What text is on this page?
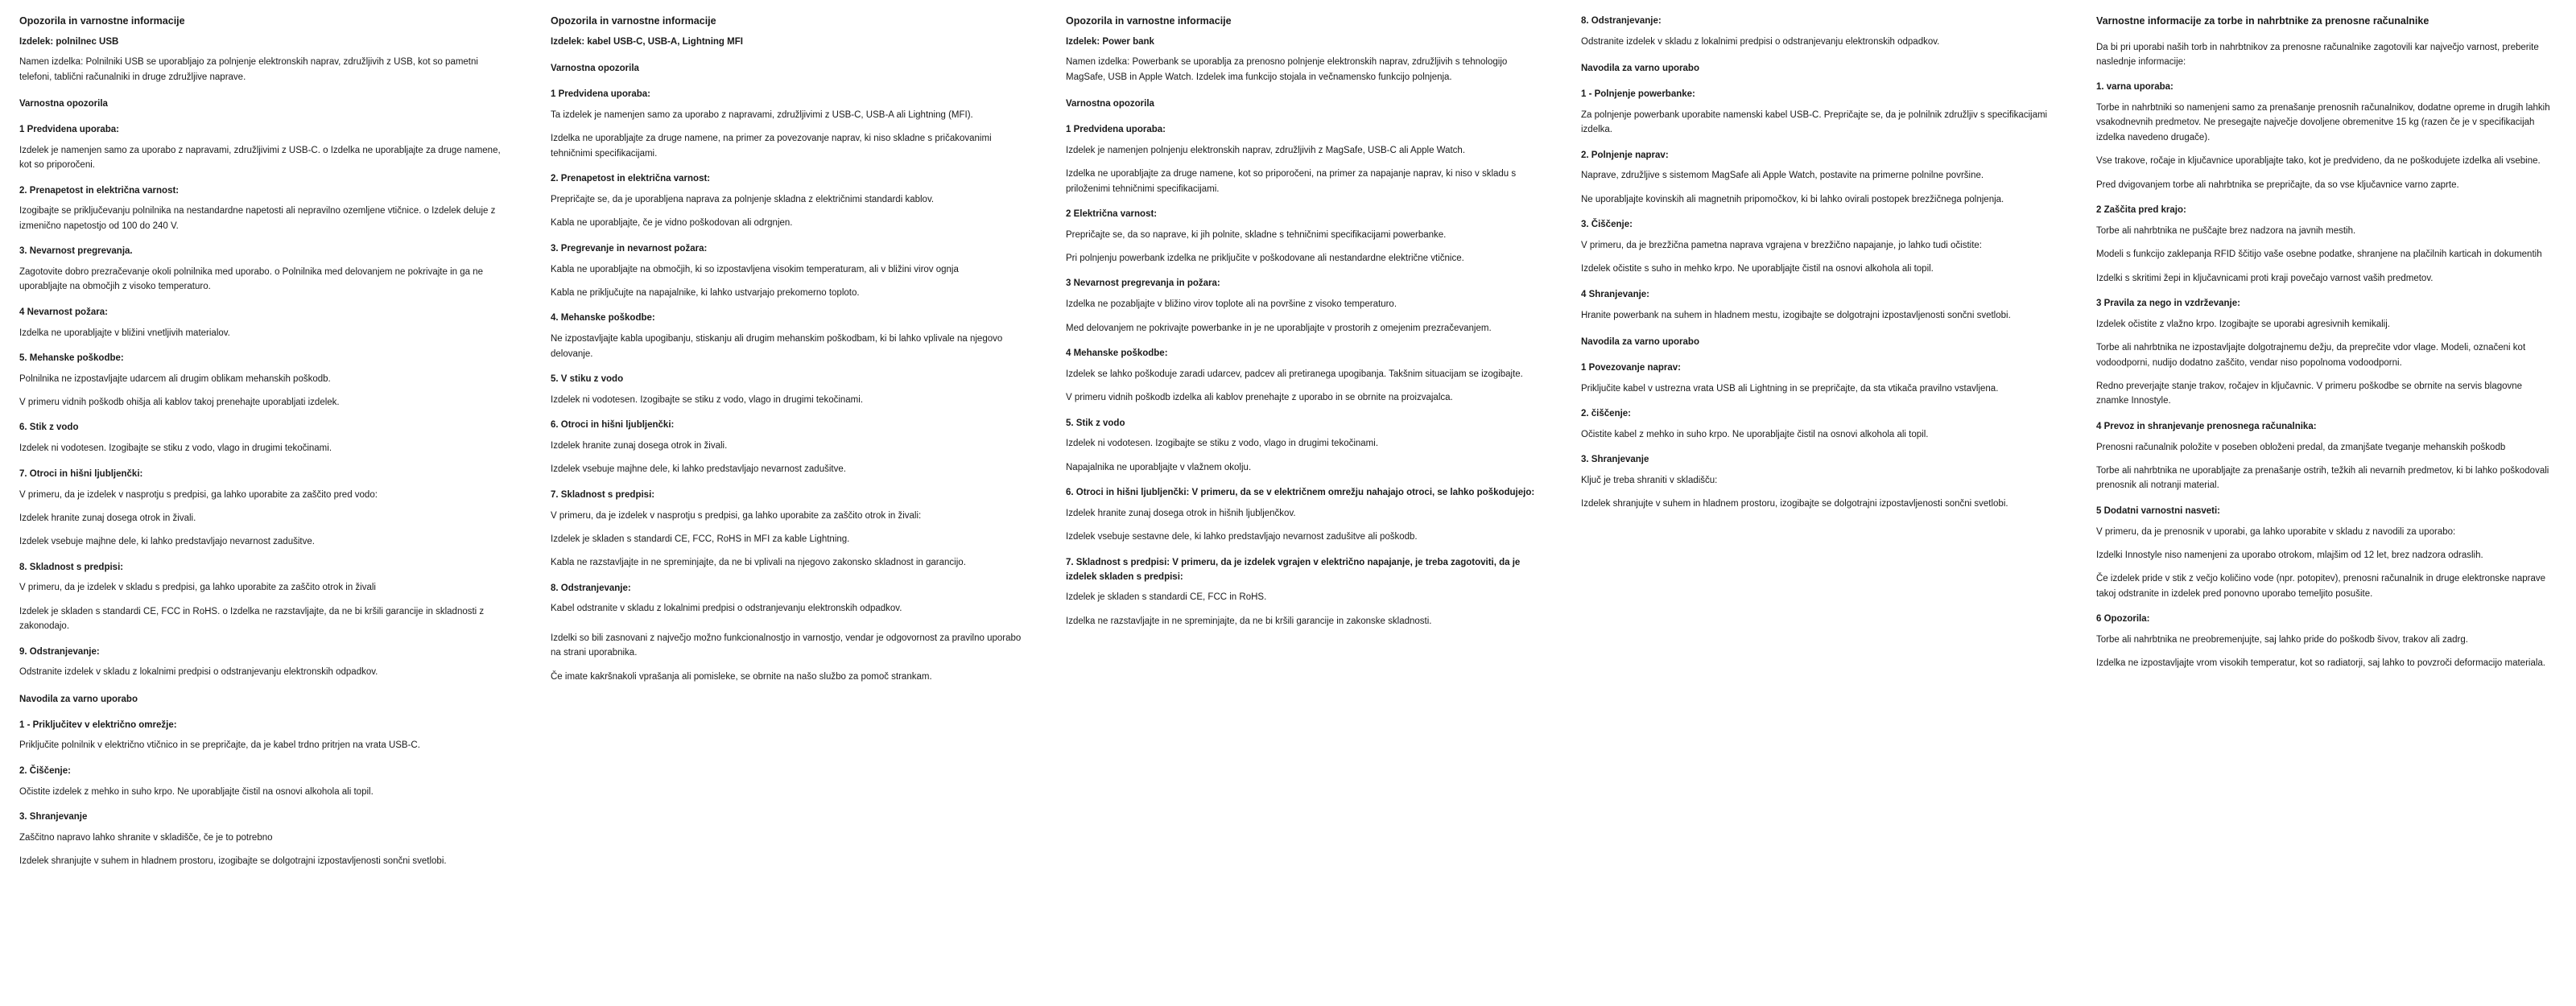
Opozorila in varnostne informacije
Izdelek: polnilnec USB
Namen izdelka: Polnilniki USB se uporabljajo za polnjenje elektronskih naprav, združljivih z USB, kot so pametni telefoni, tablični računalniki in druge združljive naprave.
Varnostna opozorila
1 Predvidena uporaba:
Izdelek je namenjen samo za uporabo z napravami, združljivimi z USB-C. o Izdelka ne uporabljajte za druge namene, kot so priporočeni.
2. Prenapetost in električna varnost:
Izogibajte se priključevanju polnilnika na nestandardne napetosti ali nepravilno ozemljene vtičnice. o Izdelek deluje z izmenično napetostjo od 100 do 240 V.
3. Nevarnost pregrevanja.
Zagotovite dobro prezračevanje okoli polnilnika med uporabo. o Polnilnika med delovanjem ne pokrivajte in ga ne uporabljajte na območjih z visoko temperaturo.
4 Nevarnost požara:
Izdelka ne uporabljajte v bližini vnetljivih materialov.
5. Mehanske poškodbe:
Polnilnika ne izpostavljajte udarcem ali drugim oblikam mehanskih poškodb.
V primeru vidnih poškodb ohišja ali kablov takoj prenehajte uporabljati izdelek.
6. Stik z vodo
Izdelek ni vodotesen. Izogibajte se stiku z vodo, vlago in drugimi tekočinami.
7. Otroci in hišni ljubljenčki:
V primeru, da je izdelek v nasprotju s predpisi, ga lahko uporabite za zaščito pred vodo:
Izdelek hranite zunaj dosega otrok in živali.
Izdelek vsebuje majhne dele, ki lahko predstavljajo nevarnost zadušitve.
8. Skladnost s predpisi:
V primeru, da je izdelek v skladu s predpisi, ga lahko uporabite za zaščito otrok in živali
Izdelek je skladen s standardi CE, FCC in RoHS. o Izdelka ne razstavljajte, da ne bi kršili garancije in skladnosti z zakonodajo.
9. Odstranjevanje:
Odstranite izdelek v skladu z lokalnimi predpisi o odstranjevanju elektronskih odpadkov.
Navodila za varno uporabo
1 - Priključitev v električno omrežje:
Priključite polnilnik v električno vtičnico in se prepričajte, da je kabel trdno pritrjen na vrata USB-C.
2. Čiščenje:
Očistite izdelek z mehko in suho krpo. Ne uporabljajte čistil na osnovi alkohola ali topil.
3. Shranjevanje
Zaščitno napravo lahko shranite v skladišče, če je to potrebno
Izdelek shranjujte v suhem in hladnem prostoru, izogibajte se dolgotrajni izpostavljenosti sončni svetlobi.
Opozorila in varnostne informacije
Izdelek: kabel USB-C, USB-A, Lightning MFI
Varnostna opozorila
1 Predvidena uporaba:
Ta izdelek je namenjen samo za uporabo z napravami, združljivimi z USB-C, USB-A ali Lightning (MFI).
Izdelka ne uporabljajte za druge namene, na primer za povezovanje naprav, ki niso skladne s pričakovanimi tehničnimi specifikacijami.
2. Prenapetost in električna varnost:
Prepričajte se, da je uporabljena naprava za polnjenje skladna z električnimi standardi kablov.
Kabla ne uporabljajte, če je vidno poškodovan ali odrgnjen.
3. Pregrevanje in nevarnost požara:
Kabla ne uporabljajte na območjih, ki so izpostavljena visokim temperaturam, ali v bližini virov ognja
Kabla ne priključujte na napajalnike, ki lahko ustvarjajo prekomerno toploto.
4. Mehanske poškodbe:
Ne izpostavljajte kabla upogibanju, stiskanju ali drugim mehanskim poškodbam, ki bi lahko vplivale na njegovo delovanje.
5. V stiku z vodo
Izdelek ni vodotesen. Izogibajte se stiku z vodo, vlago in drugimi tekočinami.
6. Otroci in hišni ljubljenčki:
Izdelek hranite zunaj dosega otrok in živali.
Izdelek vsebuje majhne dele, ki lahko predstavljajo nevarnost zadušitve.
7. Skladnost s predpisi:
V primeru, da je izdelek v nasprotju s predpisi, ga lahko uporabite za zaščito otrok in živali:
Izdelek je skladen s standardi CE, FCC, RoHS in MFI za kable Lightning.
Kabla ne razstavljajte in ne spreminjajte, da ne bi vplivali na njegovo zakonsko skladnost in garancijo.
8. Odstranjevanje:
Kabel odstranite v skladu z lokalnimi predpisi o odstranjevanju elektronskih odpadkov.
Izdelki so bili zasnovani z največjo možno funkcionalnostjo in varnostjo, vendar je odgovornost za pravilno uporabo na strani uporabnika.
Če imate kakršnakoli vprašanja ali pomisleke, se obrnite na našo službo za pomoč strankam.
Opozorila in varnostne informacije
Izdelek: Power bank
Namen izdelka: Powerbank se uporablja za prenosno polnjenje elektronskih naprav, združljivih s tehnologijo MagSafe, USB in Apple Watch. Izdelek ima funkcijo stojala in večnamensko funkcijo polnjenja.
Varnostna opozorila
1 Predvidena uporaba:
Izdelek je namenjen polnjenju elektronskih naprav, združljivih z MagSafe, USB-C ali Apple Watch.
Izdelka ne uporabljajte za druge namene, kot so priporočeni, na primer za napajanje naprav, ki niso v skladu s priloženimi tehničnimi specifikacijami.
2 Električna varnost:
Prepričajte se, da so naprave, ki jih polnite, skladne s tehničnimi specifikacijami powerbanke.
Pri polnjenju powerbank izdelka ne priključite v poškodovane ali nestandardne električne vtičnice.
3 Nevarnost pregrevanja in požara:
Izdelka ne pozabljajte v bližino virov toplote ali na površine z visoko temperaturo.
Med delovanjem ne pokrivajte powerbanke in je ne uporabljajte v prostorih z omejenim prezračevanjem.
4 Mehanske poškodbe:
Izdelek se lahko poškoduje zaradi udarcev, padcev ali pretiranega upogibanja. Takšnim situacijam se izogibajte.
V primeru vidnih poškodb izdelka ali kablov prenehajte z uporabo in se obrnite na proizvajalca.
5. Stik z vodo
Izdelek ni vodotesen. Izogibajte se stiku z vodo, vlago in drugimi tekočinami.
Napajalnika ne uporabljajte v vlažnem okolju.
6. Otroci in hišni ljubljenčki: V primeru, da se v električnem omrežju nahajajo otroci, se lahko poškodujejo:
Izdelek hranite zunaj dosega otrok in hišnih ljubljenčkov.
Izdelek vsebuje sestavne dele, ki lahko predstavljajo nevarnost zadušitve ali poškodb.
7. Skladnost s predpisi: V primeru, da je izdelek vgrajen v električno napajanje, je treba zagotoviti, da je izdelek skladen s predpisi:
Izdelek je skladen s standardi CE, FCC in RoHS.
Izdelka ne razstavljajte in ne spreminjajte, da ne bi kršili garancije in zakonske skladnosti.
8. Odstranjevanje:
Odstranite izdelek v skladu z lokalnimi predpisi o odstranjevanju elektronskih odpadkov.
Navodila za varno uporabo
1 - Polnjenje powerbanke:
Za polnjenje powerbank uporabite namenski kabel USB-C. Prepričajte se, da je polnilnik združljiv s specifikacijami izdelka.
2. Polnjenje naprav:
Naprave, združljive s sistemom MagSafe ali Apple Watch, postavite na primerne polnilne površine.
Ne uporabljajte kovinskih ali magnetnih pripomočkov, ki bi lahko ovirali postopek brezžičnega polnjenja.
3. Čiščenje:
V primeru, da je brezžična pametna naprava vgrajena v brezžično napajanje, jo lahko tudi očistite:
Izdelek očistite s suho in mehko krpo. Ne uporabljajte čistil na osnovi alkohola ali topil.
4 Shranjevanje:
Hranite powerbank na suhem in hladnem mestu, izogibajte se dolgotrajni izpostavljenosti sončni svetlobi.
Navodila za varno uporabo
1 Povezovanje naprav:
Priključite kabel v ustrezna vrata USB ali Lightning in se prepričajte, da sta vtikača pravilno vstavljena.
2. čiščenje:
Očistite kabel z mehko in suho krpo. Ne uporabljajte čistil na osnovi alkohola ali topil.
3. Shranjevanje
Ključ je treba shraniti v skladišču:
Izdelek shranjujte v suhem in hladnem prostoru, izogibajte se dolgotrajni izpostavljenosti sončni svetlobi.
Varnostne informacije za torbe in nahrbtnike za prenosne računalnike
Da bi pri uporabi naših torb in nahrbtnikov za prenosne računalnike zagotovili kar največjo varnost, preberite naslednje informacije:
1. varna uporaba:
Torbe in nahrbtniki so namenjeni samo za prenašanje prenosnih računalnikov, dodatne opreme in drugih lahkih vsakodnevnih predmetov. Ne presegajte največje dovoljene obremenitve 15 kg (razen če je v specifikacijah izdelka navedeno drugače).
Vse trakove, ročaje in ključavnice uporabljajte tako, kot je predvideno, da ne poškodujete izdelka ali vsebine.
Pred dvigovanjem torbe ali nahrbtnika se prepričajte, da so vse ključavnice varno zaprte.
2 Zaščita pred krajo:
Torbe ali nahrbtnika ne puščajte brez nadzora na javnih mestih.
Modeli s funkcijo zaklepanja RFID ščitijo vaše osebne podatke, shranjene na plačilnih karticah in dokumentih
Izdelki s skritimi žepi in ključavnicami proti kraji povečajo varnost vaših predmetov.
3 Pravila za nego in vzdrževanje:
Izdelek očistite z vlažno krpo. Izogibajte se uporabi agresivnih kemikalij.
Torbe ali nahrbtnika ne izpostavljajte dolgotrajnemu dežju, da preprečite vdor vlage. Modeli, označeni kot vodoodporni, nudijo dodatno zaščito, vendar niso popolnoma vodoodporni.
Redno preverjajte stanje trakov, ročajev in ključavnic. V primeru poškodbe se obrnite na servis blagovne znamke Innostyle.
4 Prevoz in shranjevanje prenosnega računalnika:
Prenosni računalnik položite v poseben obloženi predal, da zmanjšate tveganje mehanskih poškodb
Torbe ali nahrbtnika ne uporabljajte za prenašanje ostrih, težkih ali nevarnih predmetov, ki bi lahko poškodovali prenosnik ali notranji material.
5 Dodatni varnostni nasveti:
V primeru, da je prenosnik v uporabi, ga lahko uporabite v skladu z navodili za uporabo:
Izdelki Innostyle niso namenjeni za uporabo otrokom, mlajšim od 12 let, brez nadzora odraslih.
Če izdelek pride v stik z večjo količino vode (npr. potopitev), prenosni računalnik in druge elektronske naprave takoj odstranite in izdelek pred ponovno uporabo temeljito posušite.
6 Opozorila:
Torbe ali nahrbtnika ne preobremenjujte, saj lahko pride do poškodb šivov, trakov ali zadrg.
Izdelka ne izpostavljajte vrom visokih temperatur, kot so radiatorji, saj lahko to povzroči deformacijo materiala.
